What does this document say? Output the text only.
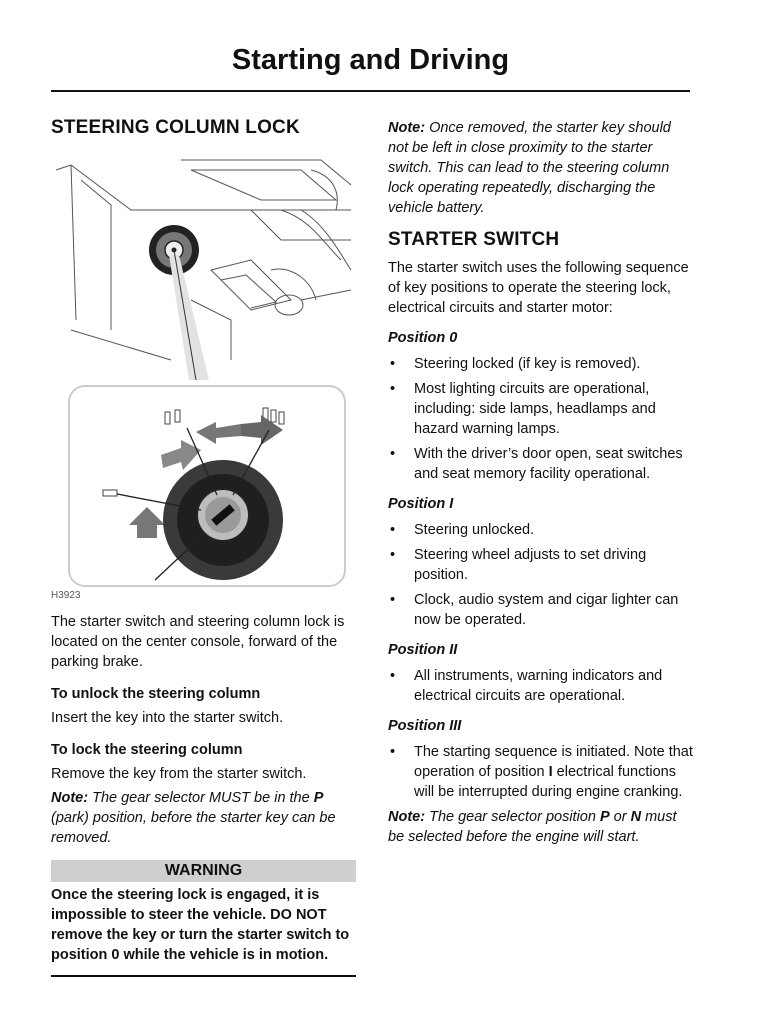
Starting and Driving
STEERING COLUMN LOCK
H3923

The starter switch and steering column lock is located on the center console, forward of the parking brake.

To unlock the steering column

Insert the key into the starter switch.

To lock the steering column

Remove the key from the starter switch.

Note: The gear selector MUST be in the P (park) position, before the starter key can be removed.

WARNING

Once the steering lock is engaged, it is impossible to steer the vehicle. DO NOT remove the key or turn the starter switch to position 0 while the vehicle is in motion.

Note: Once removed, the starter key should not be left in close proximity to the starter switch. This can lead to the steering column lock operating repeatedly, discharging the vehicle battery.

STARTER SWITCH

The starter switch uses the following sequence of key positions to operate the steering lock, electrical circuits and starter motor:

Position 0

• Steering locked (if key is removed).
• Most lighting circuits are operational, including: side lamps, headlamps and hazard warning lamps.
• With the driver’s door open, seat switches and seat memory facility operational.

Position I

• Steering unlocked.
• Steering wheel adjusts to set driving position.
• Clock, audio system and cigar lighter can now be operated.

Position II

• All instruments, warning indicators and electrical circuits are operational.

Position III

• The starting sequence is initiated. Note that operation of position I electrical functions will be interrupted during engine cranking.

Note: The gear selector position P or N must be selected before the engine will start.
